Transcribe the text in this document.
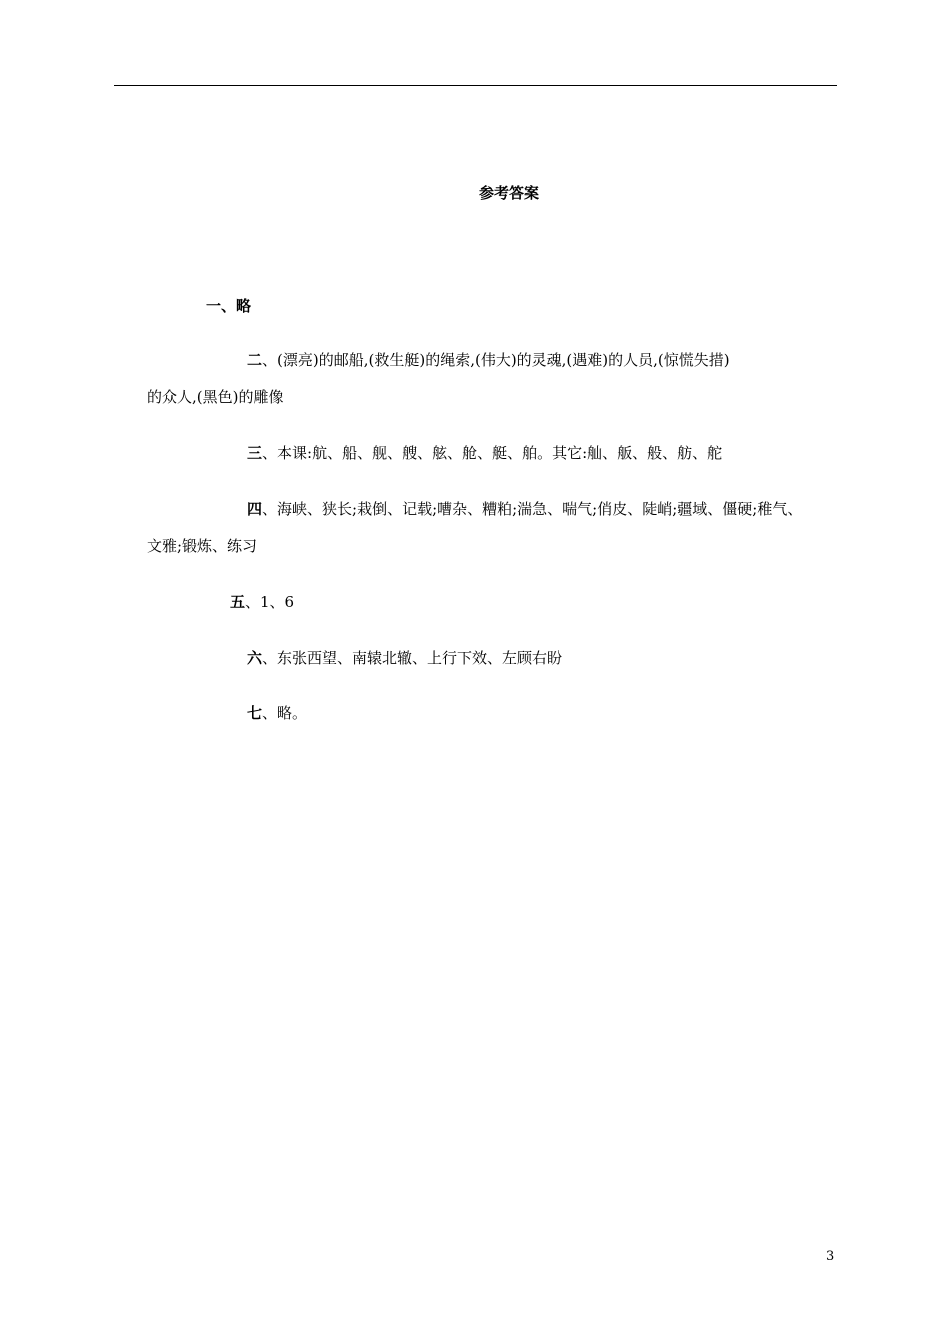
参考答案
一、略
二、(漂亮)的邮船,(救生艇)的绳索,(伟大)的灵魂,(遇难)的人员,(惊慌失措)
的众人,(黑色)的雕像
三、本课:航、船、舰、艘、舷、舱、艇、舶。其它:舢、舨、般、舫、舵
四、海峡、狭长;栽倒、记载;嘈杂、糟粕;湍急、喘气;俏皮、陡峭;疆域、僵硬;稚气、
文雅;锻炼、练习
五、1、6
六、东张西望、南辕北辙、上行下效、左顾右盼
七、略。
3
